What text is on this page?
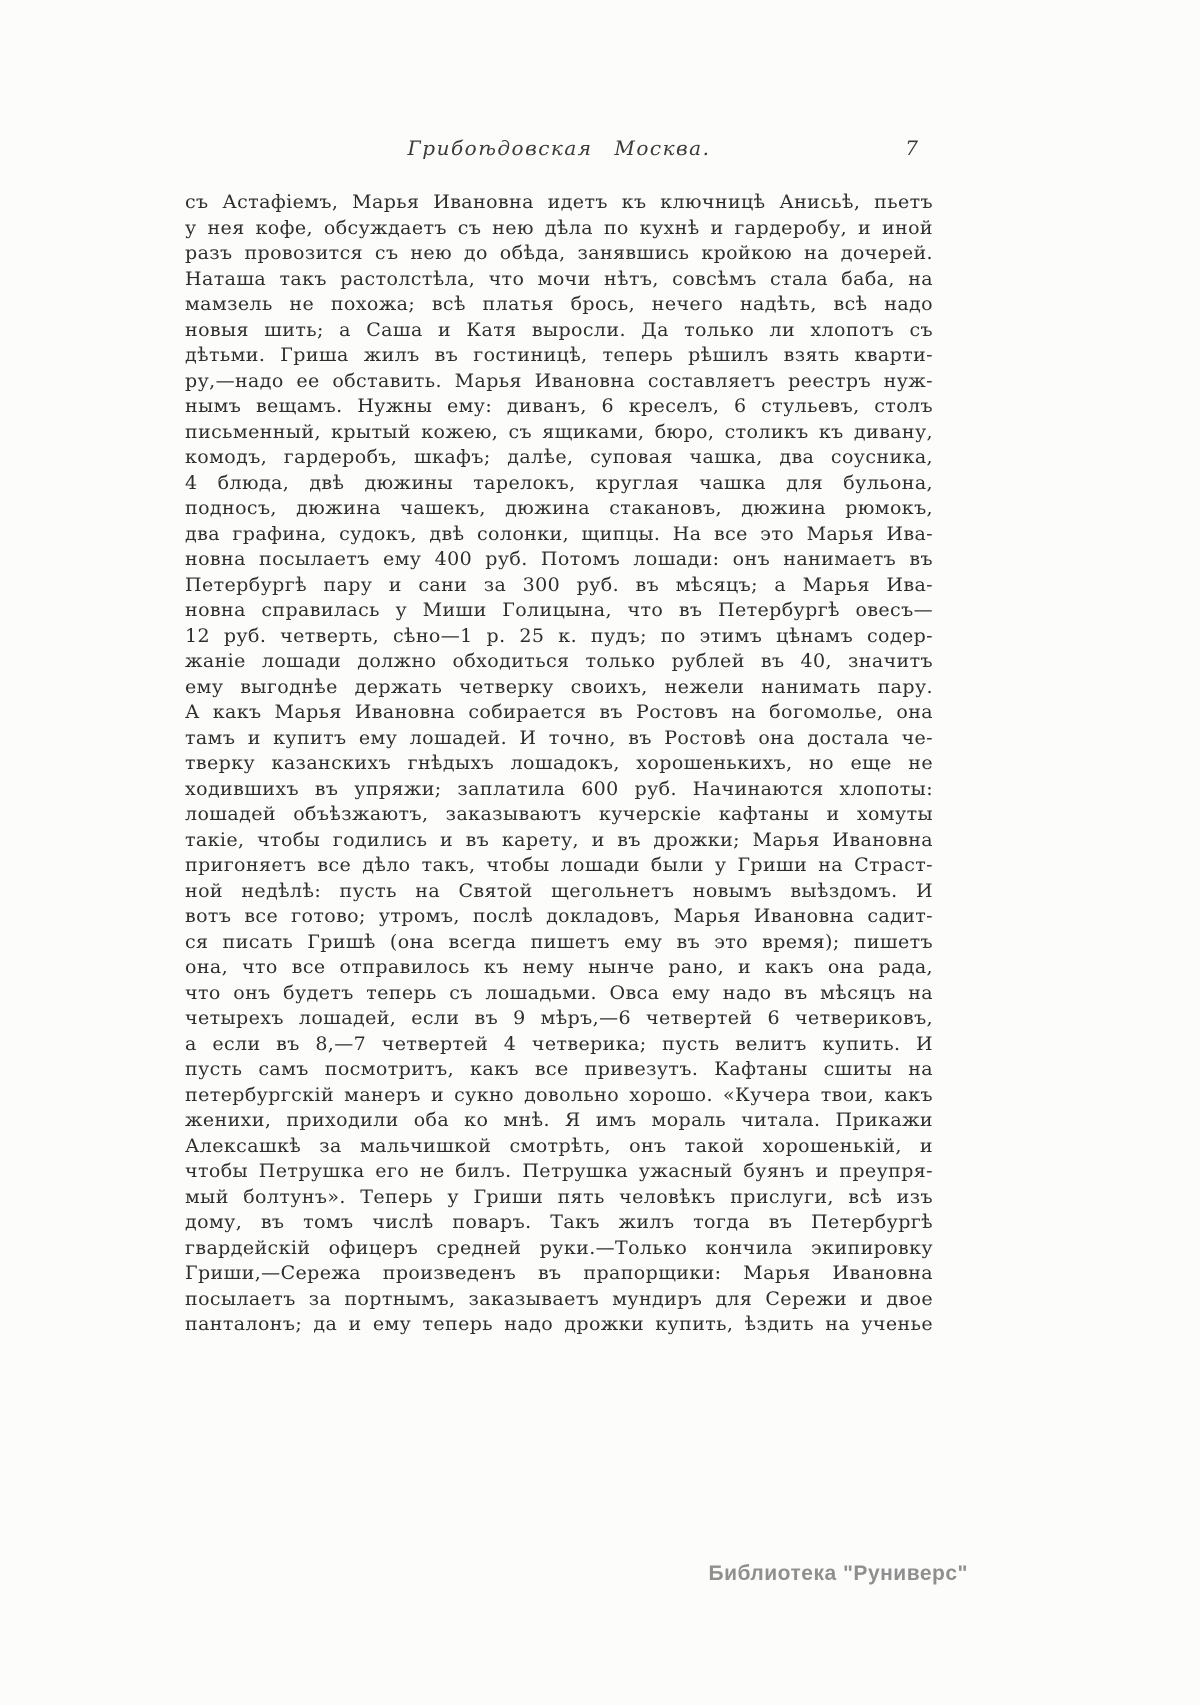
Грибоѣдовская Москва.	7
съ Астафіемъ, Марья Ивановна идетъ къ ключницѣ Анисьѣ, пьетъ
у нея кофе, обсуждаетъ съ нею дѣла по кухнѣ и гардеробу, и иной
разъ провозится съ нею до обѣда, занявшись кройкою на дочерей.
Наташа такъ растолстѣла, что мочи нѣтъ, совсѣмъ стала баба, на
мамзель не похожа; всѣ платья брось, нечего надѣть, всѣ надо
новыя шить; а Саша и Катя выросли. Да только ли хлопотъ съ
дѣтьми. Гриша жилъ въ гостиницѣ, теперь рѣшилъ взять кварти-
ру,—надо ее обставить. Марья Ивановна составляетъ реестръ нуж-
нымъ вещамъ. Нужны ему: диванъ, 6 креселъ, 6 стульевъ, столъ
письменный, крытый кожею, съ ящиками, бюро, столикъ къ дивану,
комодъ, гардеробъ, шкафъ; далѣе, суповая чашка, два соусника,
4 блюда, двѣ дюжины тарелокъ, круглая чашка для бульона,
подносъ, дюжина чашекъ, дюжина стакановъ, дюжина рюмокъ,
два графина, судокъ, двѣ солонки, щипцы. На все это Марья Ива-
новна посылаетъ ему 400 руб. Потомъ лошади: онъ нанимаетъ въ
Петербургѣ пару и сани за 300 руб. въ мѣсяцъ; а Марья Ива-
новна справилась у Миши Голицына, что въ Петербургѣ овесъ—
12 руб. четверть, сѣно—1 р. 25 к. пудъ; по этимъ цѣнамъ содер-
жаніе лошади должно обходиться только рублей въ 40, значитъ
ему выгоднѣе держать четверку своихъ, нежели нанимать пару.
А какъ Марья Ивановна собирается въ Ростовъ на богомолье, она
тамъ и купитъ ему лошадей. И точно, въ Ростовѣ она достала че-
тверку казанскихъ гнѣдыхъ лошадокъ, хорошенькихъ, но еще не
ходившихъ въ упряжи; заплатила 600 руб. Начинаются хлопоты:
лошадей объѣзжаютъ, заказываютъ кучерскіе кафтаны и хомуты
такіе, чтобы годились и въ карету, и въ дрожки; Марья Ивановна
пригоняетъ все дѣло такъ, чтобы лошади были у Гриши на Страст-
ной недѣлѣ: пусть на Святой щегольнетъ новымъ выѣздомъ. И
вотъ все готово; утромъ, послѣ докладовъ, Марья Ивановна садит-
ся писать Гришѣ (она всегда пишетъ ему въ это время); пишетъ
она, что все отправилось къ нему нынче рано, и какъ она рада,
что онъ будетъ теперь съ лошадьми. Овса ему надо въ мѣсяцъ на
четырехъ лошадей, если въ 9 мѣръ,—6 четвертей 6 четвериковъ,
а если въ 8,—7 четвертей 4 четверика; пусть велитъ купить. И
пусть самъ посмотритъ, какъ все привезутъ. Кафтаны сшиты на
петербургскій манеръ и сукно довольно хорошо. «Кучера твои, какъ
женихи, приходили оба ко мнѣ. Я имъ мораль читала. Прикажи
Алексашкѣ за мальчишкой смотрѣть, онъ такой хорошенькій, и
чтобы Петрушка его не билъ. Петрушка ужасный буянъ и преупря-
мый болтунъ». Теперь у Гриши пять человѣкъ прислуги, всѣ изъ
дому, въ томъ числѣ поваръ. Такъ жилъ тогда въ Петербургѣ
гвардейскій офицеръ средней руки.—Только кончила экипировку
Гриши,—Сережа произведенъ въ прапорщики: Марья Ивановна
посылаетъ за портнымъ, заказываетъ мундиръ для Сережи и двое
панталонъ; да и ему теперь надо дрожки купить, ѣздить на ученье
Библиотека "Руниверс"
